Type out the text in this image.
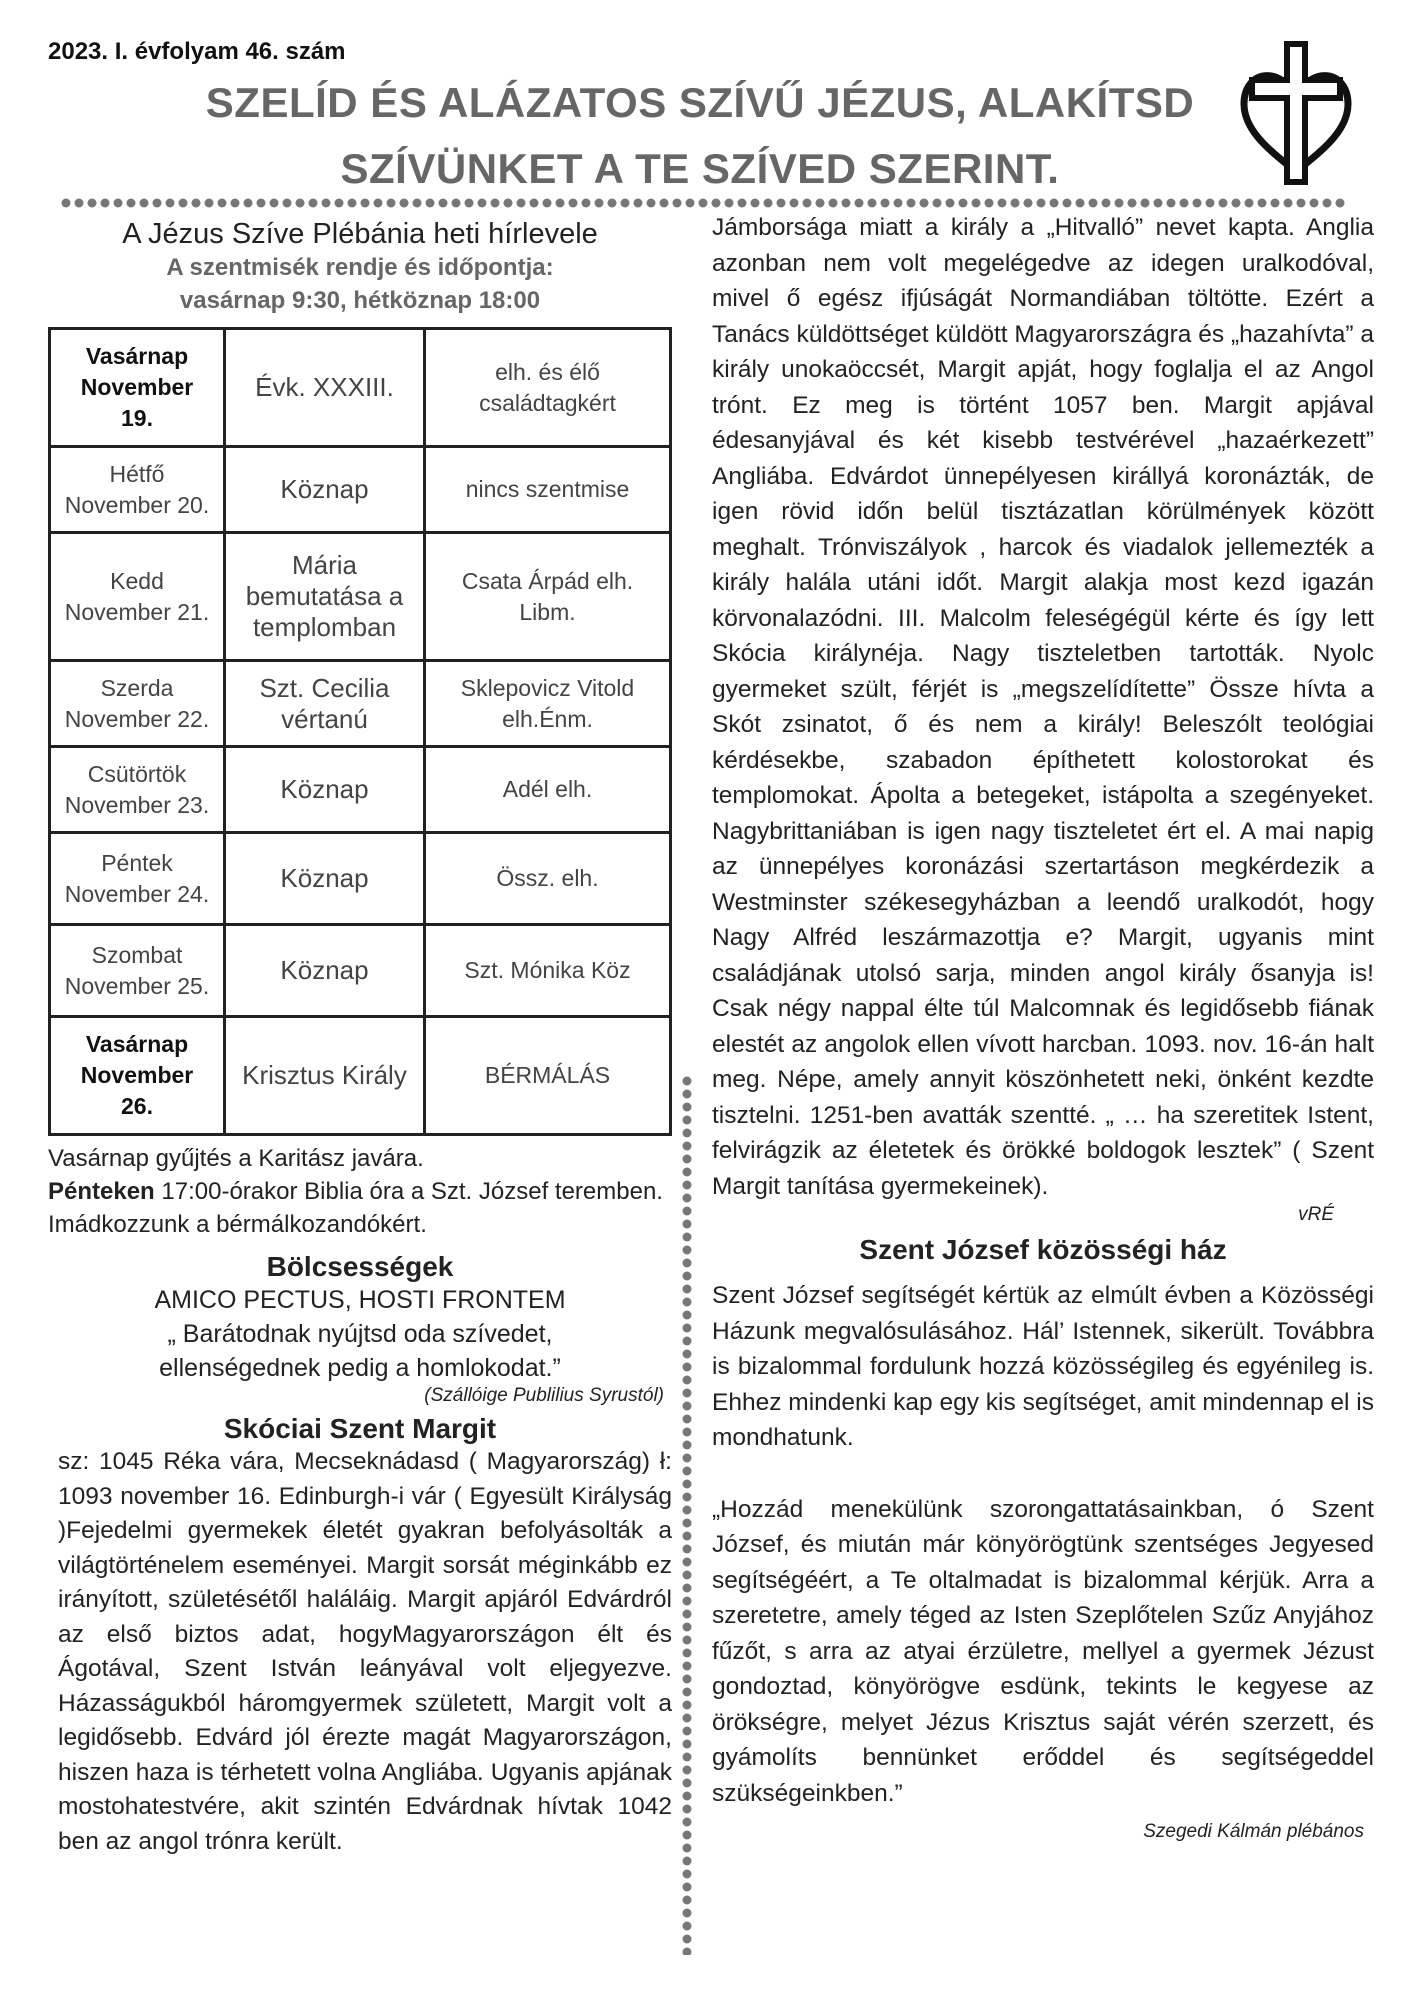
2023. I. évfolyam 46. szám
SZELÍD ÉS ALÁZATOS SZÍVŰ JÉZUS, ALAKÍTSD
SZÍVÜNKET A TE SZÍVED SZERINT.
A Jézus Szíve Plébánia heti hírlevele
A szentmisék rendje és időpontja:
vasárnap 9:30, hétköznap 18:00
Vasárnap
November
19.	Évk. XXXIII.	elh. és élő családtagkért

Hétfő
November 20.	Köznap	nincs szentmise

Kedd
November 21.	Mária bemutatása a templomban	Csata Árpád elh. Libm.

Szerda
November 22.	Szt. Cecilia vértanú	Sklepovicz Vitold elh.Énm.

Csütörtök
November 23.	Köznap	Adél elh.

Péntek
November 24.	Köznap	Össz. elh.

Szombat
November 25.	Köznap	Szt. Mónika Köz

Vasárnap
November
26.	Krisztus Király	BÉRMÁLÁS
Vasárnap gyűjtés a Karitász javára.
Pénteken 17:00-órakor Biblia óra a Szt. József teremben.
Imádkozzunk a bérmálkozandókért.
Bölcsességek
AMICO PECTUS, HOSTI FRONTEM
„ Barátodnak nyújtsd oda szívedet,
ellenségednek pedig a homlokodat.”
(Szállóige Publilius Syrustól)
Skóciai Szent Margit
sz: 1045 Réka vára, Mecseknádasd ( Magyarország) ł: 1093 november 16. Edinburgh-i vár ( Egyesült Királyság )Fejedelmi gyermekek életét gyakran befolyásolták a világtörténelem eseményei. Margit sorsát méginkább ez irányított, születésétől haláláig. Margit apjáról Edvárdról az első biztos adat, hogyMagyarországon élt és Ágotával, Szent István leányával volt eljegyezve. Házasságukból háromgyermek született, Margit volt a legidősebb. Edvárd jól érezte magát Magyarországon, hiszen haza is térhetett volna Angliába. Ugyanis apjának mostohatestvére, akit szintén Edvárdnak hívtak 1042 ben az angol trónra került.
Jámborsága miatt a király a „Hitvalló” nevet kapta. Anglia azonban nem volt megelégedve az idegen uralkodóval, mivel ő egész ifjúságát Normandiában töltötte. Ezért a Tanács küldöttséget küldött Magyarországra és „hazahívta” a király unokaöccsét, Margit apját, hogy foglalja el az Angol trónt. Ez meg is történt 1057 ben. Margit apjával édesanyjával és két kisebb testvérével „hazaérkezett” Angliába. Edvárdot ünnepélyesen királlyá koronázták, de igen rövid időn belül tisztázatlan körülmények között meghalt. Trónviszályok , harcok és viadalok jellemezték a király halála utáni időt. Margit alakja most kezd igazán körvonalazódni. III. Malcolm feleségégül kérte és így lett Skócia királynéja. Nagy tiszteletben tartották. Nyolc gyermeket szült, férjét is „megszelídítette” Össze hívta a Skót zsinatot, ő és nem a király! Beleszólt teológiai kérdésekbe, szabadon építhetett kolostorokat és templomokat. Ápolta a betegeket, istápolta a szegényeket. Nagybrittaniában is igen nagy tiszteletet ért el. A mai napig az ünnepélyes koronázási szertartáson megkérdezik a Westminster székesegyházban a leendő uralkodót, hogy Nagy Alfréd leszármazottja e? Margit, ugyanis mint családjának utolsó sarja, minden angol király ősanyja is! Csak négy nappal élte túl Malcomnak és legidősebb fiának elestét az angolok ellen vívott harcban. 1093. nov. 16-án halt meg. Népe, amely annyit köszönhetett neki, önként kezdte tisztelni. 1251-ben avatták szentté. „ … ha szeretitek Istent, felvirágzik az életetek és örökké boldogok lesztek” ( Szent Margit tanítása gyermekeinek).
vRÉ
Szent József közösségi ház
Szent József segítségét kértük az elmúlt évben a Közösségi Házunk megvalósulásához. Hál’ Istennek, sikerült. Továbbra is bizalommal fordulunk hozzá közösségileg és egyénileg is. Ehhez mindenki kap egy kis segítséget, amit mindennap el is mondhatunk.
„Hozzád menekülünk szorongattatásainkban, ó Szent József, és miután már könyörögtünk szentséges Jegyesed segítségéért, a Te oltalmadat is bizalommal kérjük. Arra a szeretetre, amely téged az Isten Szeplőtelen Szűz Anyjához fűzőt, s arra az atyai érzületre, mellyel a gyermek Jézust gondoztad, könyörögve esdünk, tekints le kegyese az örökségre, melyet Jézus Krisztus saját vérén szerzett, és gyámolíts bennünket erőddel és segítségeddel szükségeinkben.”
Szegedi Kálmán plébános
